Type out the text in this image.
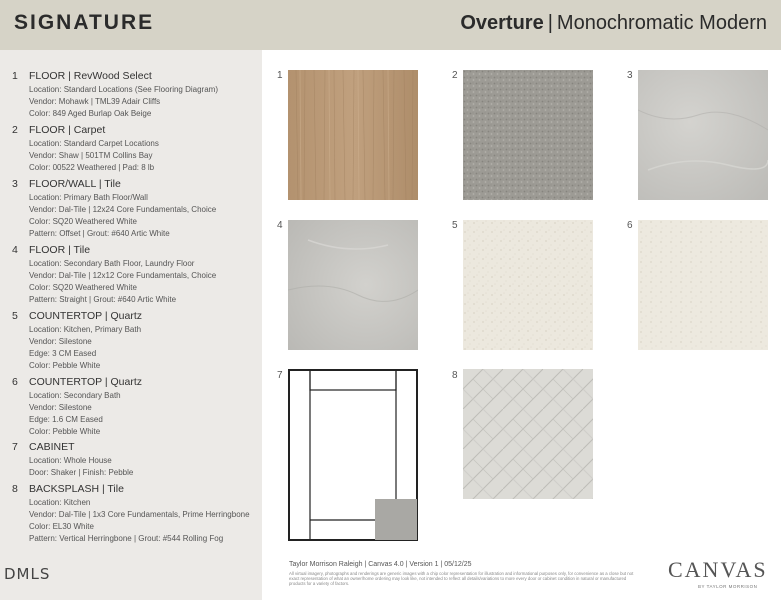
SIGNATURE	Overture | Monochromatic Modern
1 FLOOR | RevWood Select
Location: Standard Locations (See Flooring Diagram)
Vendor: Mohawk | TML39 Adair Cliffs
Color: 849 Aged Burlap Oak Beige
2 FLOOR | Carpet
Location: Standard Carpet Locations
Vendor: Shaw | 501TM Collins Bay
Color: 00522 Weathered | Pad: 8 lb
3 FLOOR/WALL | Tile
Location: Primary Bath Floor/Wall
Vendor: Dal-Tile | 12x24 Core Fundamentals, Choice
Color: SQ20 Weathered White
Pattern: Offset | Grout: #640 Artic White
4 FLOOR | Tile
Location: Secondary Bath Floor, Laundry Floor
Vendor: Dal-Tile | 12x12 Core Fundamentals, Choice
Color: SQ20 Weathered White
Pattern: Straight | Grout: #640 Artic White
5 COUNTERTOP | Quartz
Location: Kitchen, Primary Bath
Vendor: Silestone
Edge: 3 CM Eased
Color: Pebble White
6 COUNTERTOP | Quartz
Location: Secondary Bath
Vendor: Silestone
Edge: 1.6 CM Eased
Color: Pebble White
7 CABINET
Location: Whole House
Door: Shaker | Finish: Pebble
8 BACKSPLASH | Tile
Location: Kitchen
Vendor: Dal-Tile | 1x3 Core Fundamentals, Prime Herringbone
Color: EL30 White
Pattern: Vertical Herringbone | Grout: #544 Rolling Fog
DMLS
1	2	3
4	5	6
7	8
Taylor Morrison Raleigh | Canvas 4.0 | Version 1 | 05/12/25
All virtual imagery, photographs and renderings are generic images with a chip color representation for illustration and informational purposes only, for convenience as a close but not exact representation of what an owner/home ordering may look like, not intended to reflect all details/variations to more every door or cabinet condition in natural or manufactured products for a variety of factors.
CANVAS
BY TAYLOR MORRISON
